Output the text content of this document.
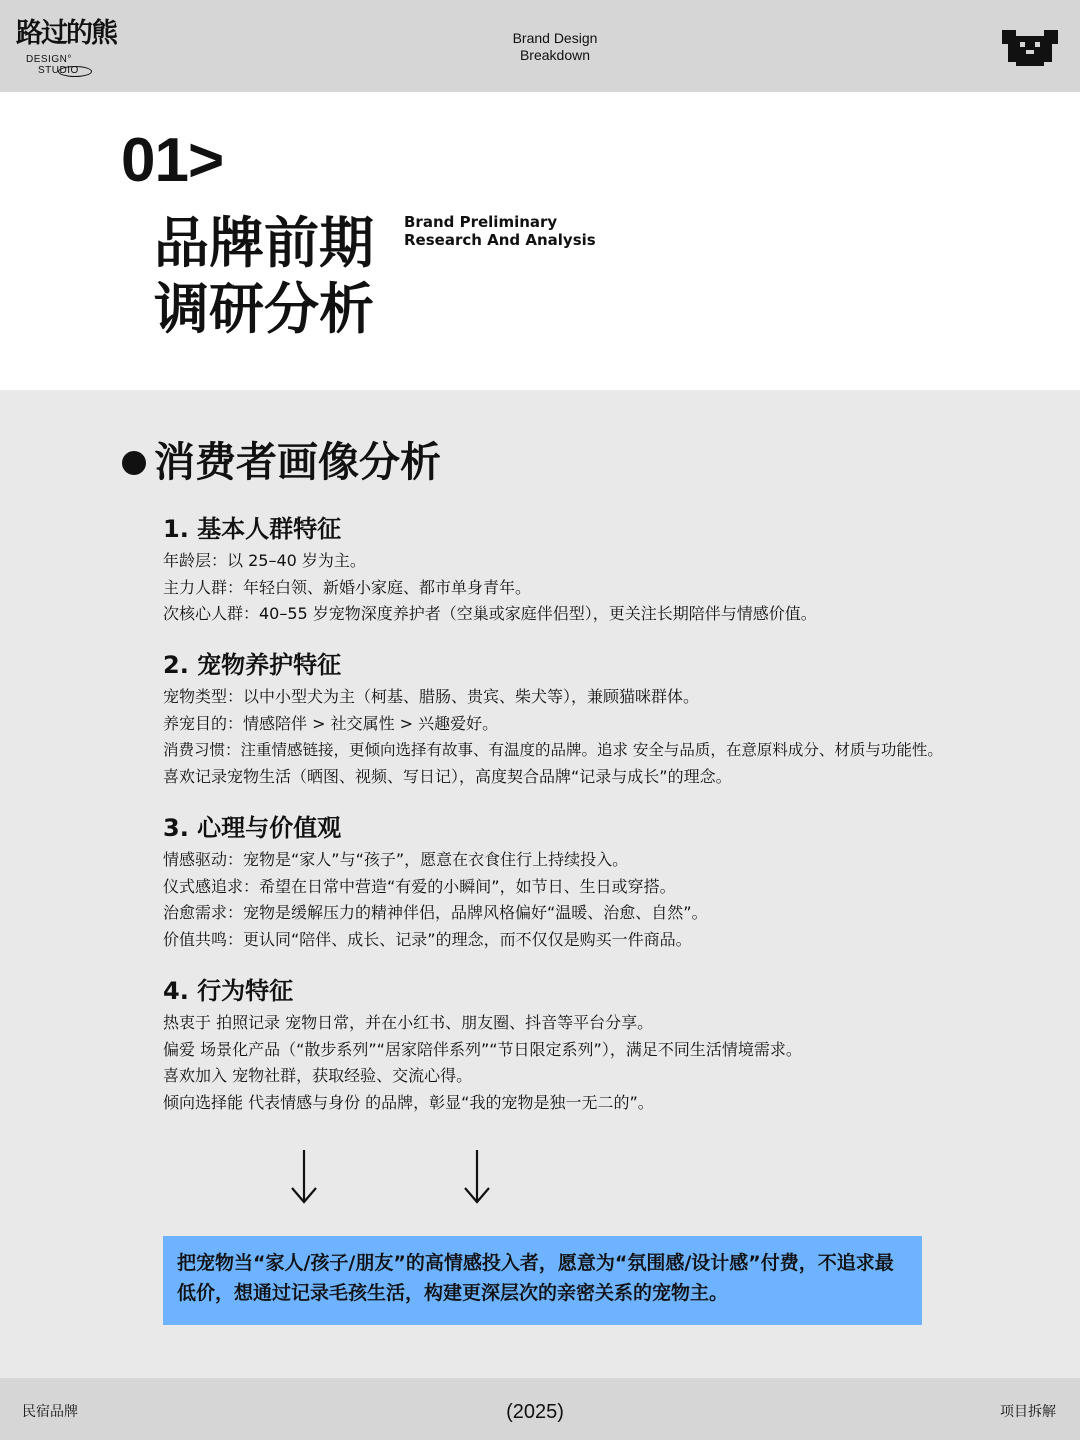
路过的熊
DESIGN°
STUDIO
Brand Design
Breakdown
01>
品牌前期
调研分析
Brand Preliminary
Research And Analysis
消费者画像分析
1. 基本人群特征

年龄层：以 25–40 岁为主。

主力人群：年轻白领、新婚小家庭、都市单身青年。

次核心人群：40–55 岁宠物深度养护者（空巢或家庭伴侣型），更关注长期陪伴与情感价值。

2. 宠物养护特征

宠物类型：以中小型犬为主（柯基、腊肠、贵宾、柴犬等），兼顾猫咪群体。

养宠目的：情感陪伴 > 社交属性 > 兴趣爱好。

消费习惯：注重情感链接，更倾向选择有故事、有温度的品牌。追求 安全与品质，在意原料成分、材质与功能性。

喜欢记录宠物生活（晒图、视频、写日记），高度契合品牌“记录与成长”的理念。

3. 心理与价值观

情感驱动：宠物是“家人”与“孩子”，愿意在衣食住行上持续投入。

仪式感追求：希望在日常中营造“有爱的小瞬间”，如节日、生日或穿搭。

治愈需求：宠物是缓解压力的精神伴侣，品牌风格偏好“温暖、治愈、自然”。

价值共鸣：更认同“陪伴、成长、记录”的理念，而不仅仅是购买一件商品。

4. 行为特征

热衷于 拍照记录 宠物日常，并在小红书、朋友圈、抖音等平台分享。

偏爱 场景化产品（“散步系列”“居家陪伴系列”“节日限定系列”），满足不同生活情境需求。

喜欢加入 宠物社群，获取经验、交流心得。

倾向选择能 代表情感与身份 的品牌，彰显“我的宠物是独一无二的”。

把宠物当“家人/孩子/朋友”的高情感投入者，愿意为“氛围感/设计感”付费，不追求最低价，想通过记录毛孩生活，构建更深层次的亲密关系的宠物主。
民宿品牌	(2025)	项目拆解
